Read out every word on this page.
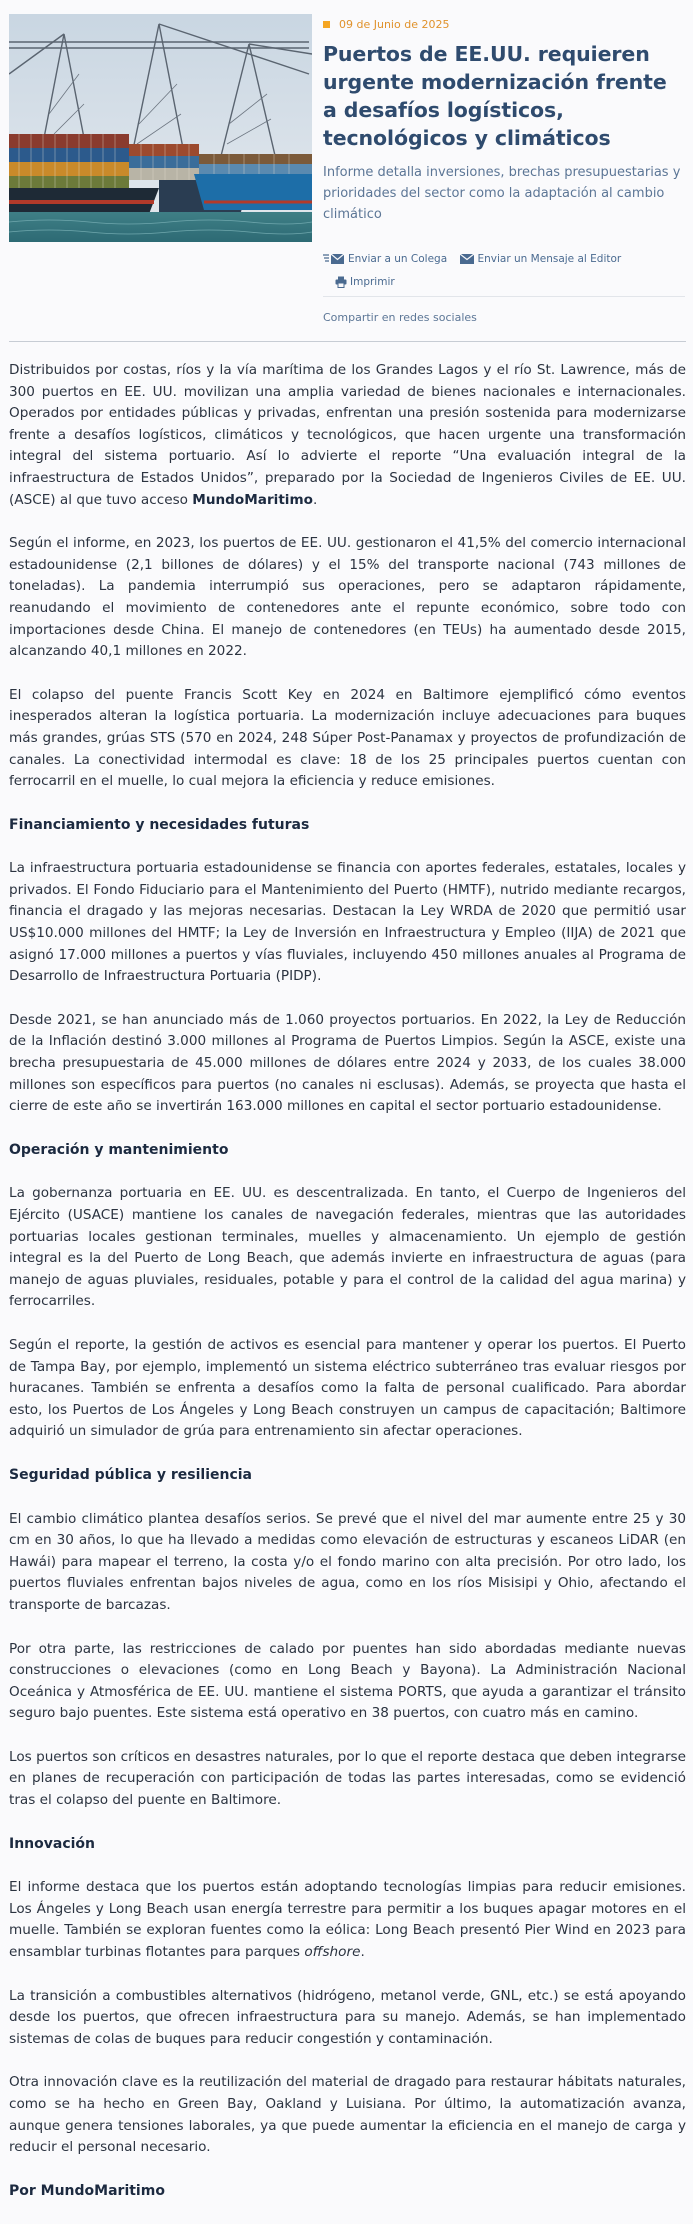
09 de Junio de 2025
Puertos de EE.UU. requieren urgente modernización frente a desafíos logísticos, tecnológicos y climáticos

Informe detalla inversiones, brechas presupuestarias y prioridades del sector como la adaptación al cambio climático

Enviar a un Colega
	Enviar un Mensaje al Editor
Imprimir
Compartir en redes sociales

Distribuidos por costas, ríos y la vía marítima de los Grandes Lagos y el río St. Lawrence, más de 300 puertos en EE. UU. movilizan una amplia variedad de bienes nacionales e internacionales. Operados por entidades públicas y privadas, enfrentan una presión sostenida para modernizarse frente a desafíos logísticos, climáticos y tecnológicos, que hacen urgente una transformación integral del sistema portuario. Así lo advierte el reporte “Una evaluación integral de la infraestructura de Estados Unidos”, preparado por la Sociedad de Ingenieros Civiles de EE. UU. (ASCE) al que tuvo acceso MundoMaritimo.

Según el informe, en 2023, los puertos de EE. UU. gestionaron el 41,5% del comercio internacional estadounidense (2,1 billones de dólares) y el 15% del transporte nacional (743 millones de toneladas). La pandemia interrumpió sus operaciones, pero se adaptaron rápidamente, reanudando el movimiento de contenedores ante el repunte económico, sobre todo con importaciones desde China. El manejo de contenedores (en TEUs) ha aumentado desde 2015, alcanzando 40,1 millones en 2022.

El colapso del puente Francis Scott Key en 2024 en Baltimore ejemplificó cómo eventos inesperados alteran la logística portuaria. La modernización incluye adecuaciones para buques más grandes, grúas STS (570 en 2024, 248 Súper Post-Panamax y proyectos de profundización de canales. La conectividad intermodal es clave: 18 de los 25 principales puertos cuentan con ferrocarril en el muelle, lo cual mejora la eficiencia y reduce emisiones.

Financiamiento y necesidades futuras

La infraestructura portuaria estadounidense se financia con aportes federales, estatales, locales y privados. El Fondo Fiduciario para el Mantenimiento del Puerto (HMTF), nutrido mediante recargos, financia el dragado y las mejoras necesarias. Destacan la Ley WRDA de 2020 que permitió usar US$10.000 millones del HMTF; la Ley de Inversión en Infraestructura y Empleo (IIJA) de 2021 que asignó 17.000 millones a puertos y vías fluviales, incluyendo 450 millones anuales al Programa de Desarrollo de Infraestructura Portuaria (PIDP).

Desde 2021, se han anunciado más de 1.060 proyectos portuarios. En 2022, la Ley de Reducción de la Inflación destinó 3.000 millones al Programa de Puertos Limpios. Según la ASCE, existe una brecha presupuestaria de 45.000 millones de dólares entre 2024 y 2033, de los cuales 38.000 millones son específicos para puertos (no canales ni esclusas). Además, se proyecta que hasta el cierre de este año se invertirán 163.000 millones en capital el sector portuario estadounidense.

Operación y mantenimiento

La gobernanza portuaria en EE. UU. es descentralizada. En tanto, el Cuerpo de Ingenieros del Ejército (USACE) mantiene los canales de navegación federales, mientras que las autoridades portuarias locales gestionan terminales, muelles y almacenamiento. Un ejemplo de gestión integral es la del Puerto de Long Beach, que además invierte en infraestructura de aguas (para manejo de aguas pluviales, residuales, potable y para el control de la calidad del agua marina) y ferrocarriles.

Según el reporte, la gestión de activos es esencial para mantener y operar los puertos. El Puerto de Tampa Bay, por ejemplo, implementó un sistema eléctrico subterráneo tras evaluar riesgos por huracanes. También se enfrenta a desafíos como la falta de personal cualificado. Para abordar esto, los Puertos de Los Ángeles y Long Beach construyen un campus de capacitación; Baltimore adquirió un simulador de grúa para entrenamiento sin afectar operaciones.

Seguridad pública y resiliencia

El cambio climático plantea desafíos serios. Se prevé que el nivel del mar aumente entre 25 y 30 cm en 30 años, lo que ha llevado a medidas como elevación de estructuras y escaneos LiDAR (en Hawái) para mapear el terreno, la costa y/o el fondo marino con alta precisión. Por otro lado, los puertos fluviales enfrentan bajos niveles de agua, como en los ríos Misisipi y Ohio, afectando el transporte de barcazas.

Por otra parte, las restricciones de calado por puentes han sido abordadas mediante nuevas construcciones o elevaciones (como en Long Beach y Bayona). La Administración Nacional Oceánica y Atmosférica de EE. UU. mantiene el sistema PORTS, que ayuda a garantizar el tránsito seguro bajo puentes. Este sistema está operativo en 38 puertos, con cuatro más en camino.

Los puertos son críticos en desastres naturales, por lo que el reporte destaca que deben integrarse en planes de recuperación con participación de todas las partes interesadas, como se evidenció tras el colapso del puente en Baltimore.

Innovación

El informe destaca que los puertos están adoptando tecnologías limpias para reducir emisiones. Los Ángeles y Long Beach usan energía terrestre para permitir a los buques apagar motores en el muelle. También se exploran fuentes como la eólica: Long Beach presentó Pier Wind en 2023 para ensamblar turbinas flotantes para parques offshore.

La transición a combustibles alternativos (hidrógeno, metanol verde, GNL, etc.) se está apoyando desde los puertos, que ofrecen infraestructura para su manejo. Además, se han implementado sistemas de colas de buques para reducir congestión y contaminación.

Otra innovación clave es la reutilización del material de dragado para restaurar hábitats naturales, como se ha hecho en Green Bay, Oakland y Luisiana. Por último, la automatización avanza, aunque genera tensiones laborales, ya que puede aumentar la eficiencia en el manejo de carga y reducir el personal necesario.

Por MundoMaritimo
